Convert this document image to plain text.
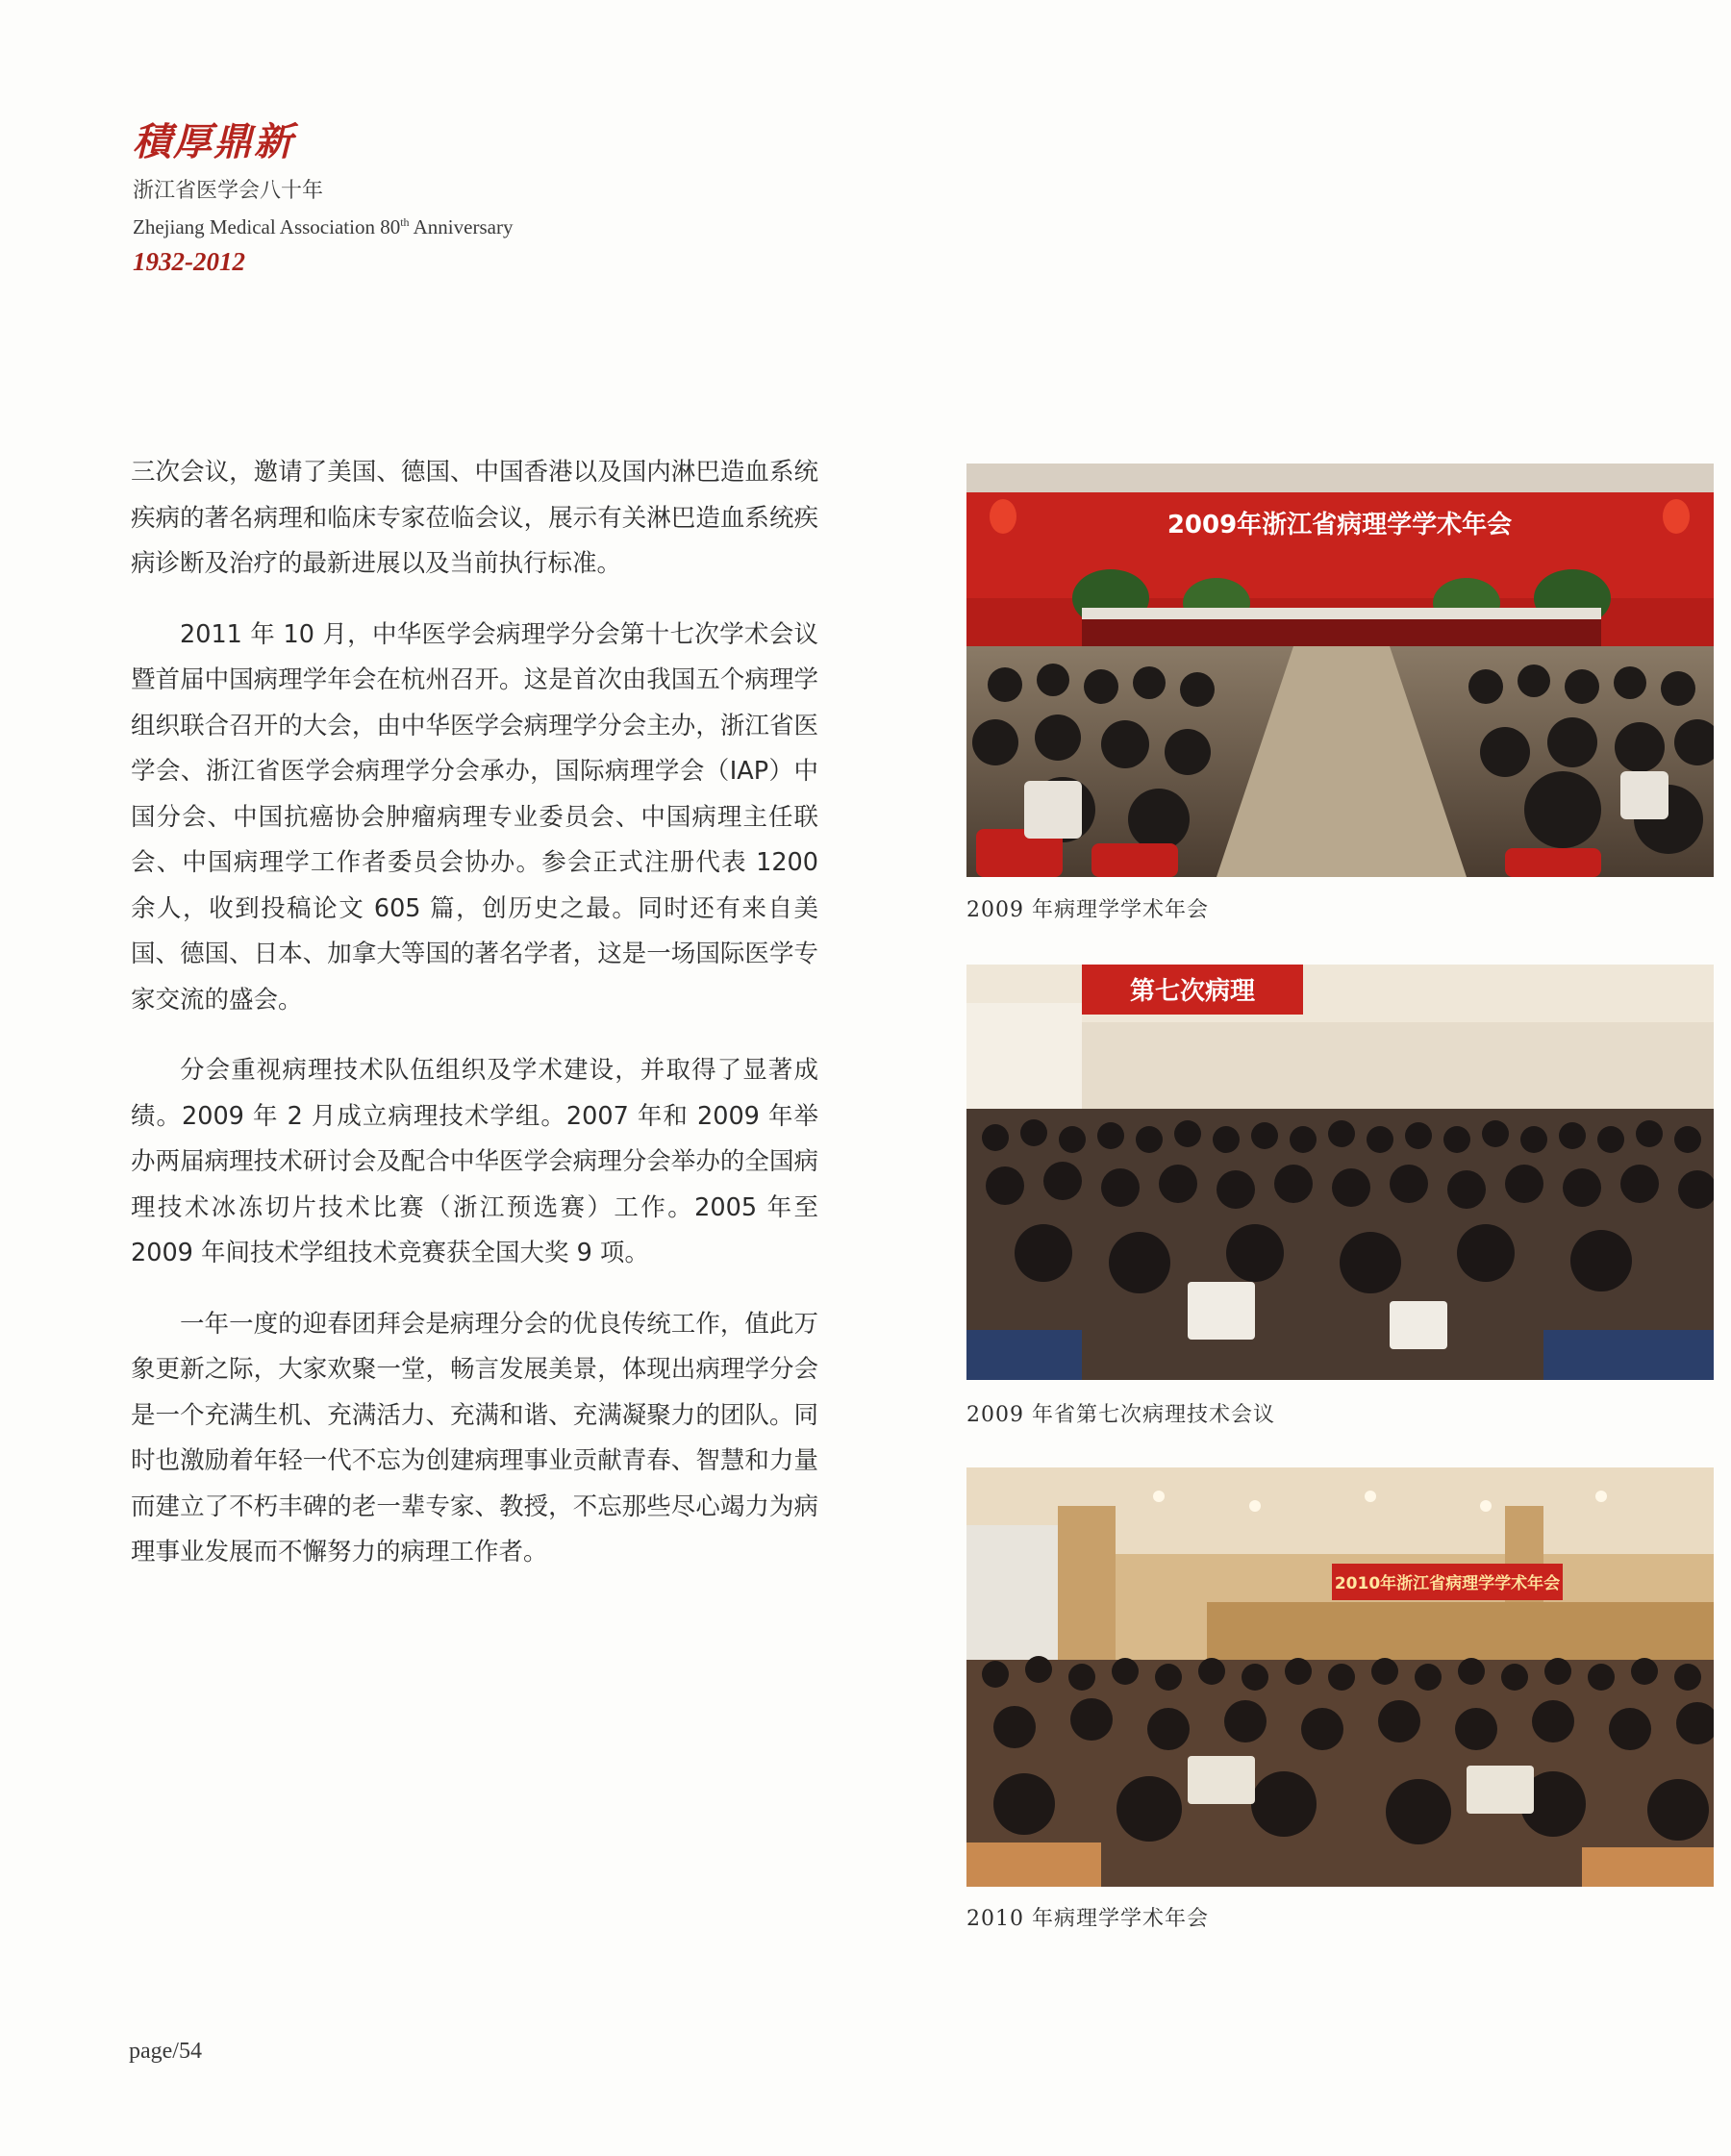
積厚鼎新
浙江省医学会八十年
Zhejiang Medical Association 80th Anniversary
1932-2012

三次会议，邀请了美国、德国、中国香港以及国内淋巴造血系统疾病的著名病理和临床专家莅临会议，展示有关淋巴造血系统疾病诊断及治疗的最新进展以及当前执行标准。

2011 年 10 月，中华医学会病理学分会第十七次学术会议暨首届中国病理学年会在杭州召开。这是首次由我国五个病理学组织联合召开的大会，由中华医学会病理学分会主办，浙江省医学会、浙江省医学会病理学分会承办，国际病理学会（IAP）中国分会、中国抗癌协会肿瘤病理专业委员会、中国病理主任联会、中国病理学工作者委员会协办。参会正式注册代表 1200 余人，收到投稿论文 605 篇，创历史之最。同时还有来自美国、德国、日本、加拿大等国的著名学者，这是一场国际医学专家交流的盛会。

分会重视病理技术队伍组织及学术建设，并取得了显著成绩。2009 年 2 月成立病理技术学组。2007 年和 2009 年举办两届病理技术研讨会及配合中华医学会病理分会举办的全国病理技术冰冻切片技术比赛（浙江预选赛）工作。2005 年至 2009 年间技术学组技术竞赛获全国大奖 9 项。

一年一度的迎春团拜会是病理分会的优良传统工作，值此万象更新之际，大家欢聚一堂，畅言发展美景，体现出病理学分会是一个充满生机、充满活力、充满和谐、充满凝聚力的团队。同时也激励着年轻一代不忘为创建病理事业贡献青春、智慧和力量而建立了不朽丰碑的老一辈专家、教授，不忘那些尽心竭力为病理事业发展而不懈努力的病理工作者。

2009年浙江省病理学学术年会
2009 年病理学学术年会
第七次病理
2009 年省第七次病理技术会议
2010年浙江省病理学学术年会
2010 年病理学学术年会
page/54
